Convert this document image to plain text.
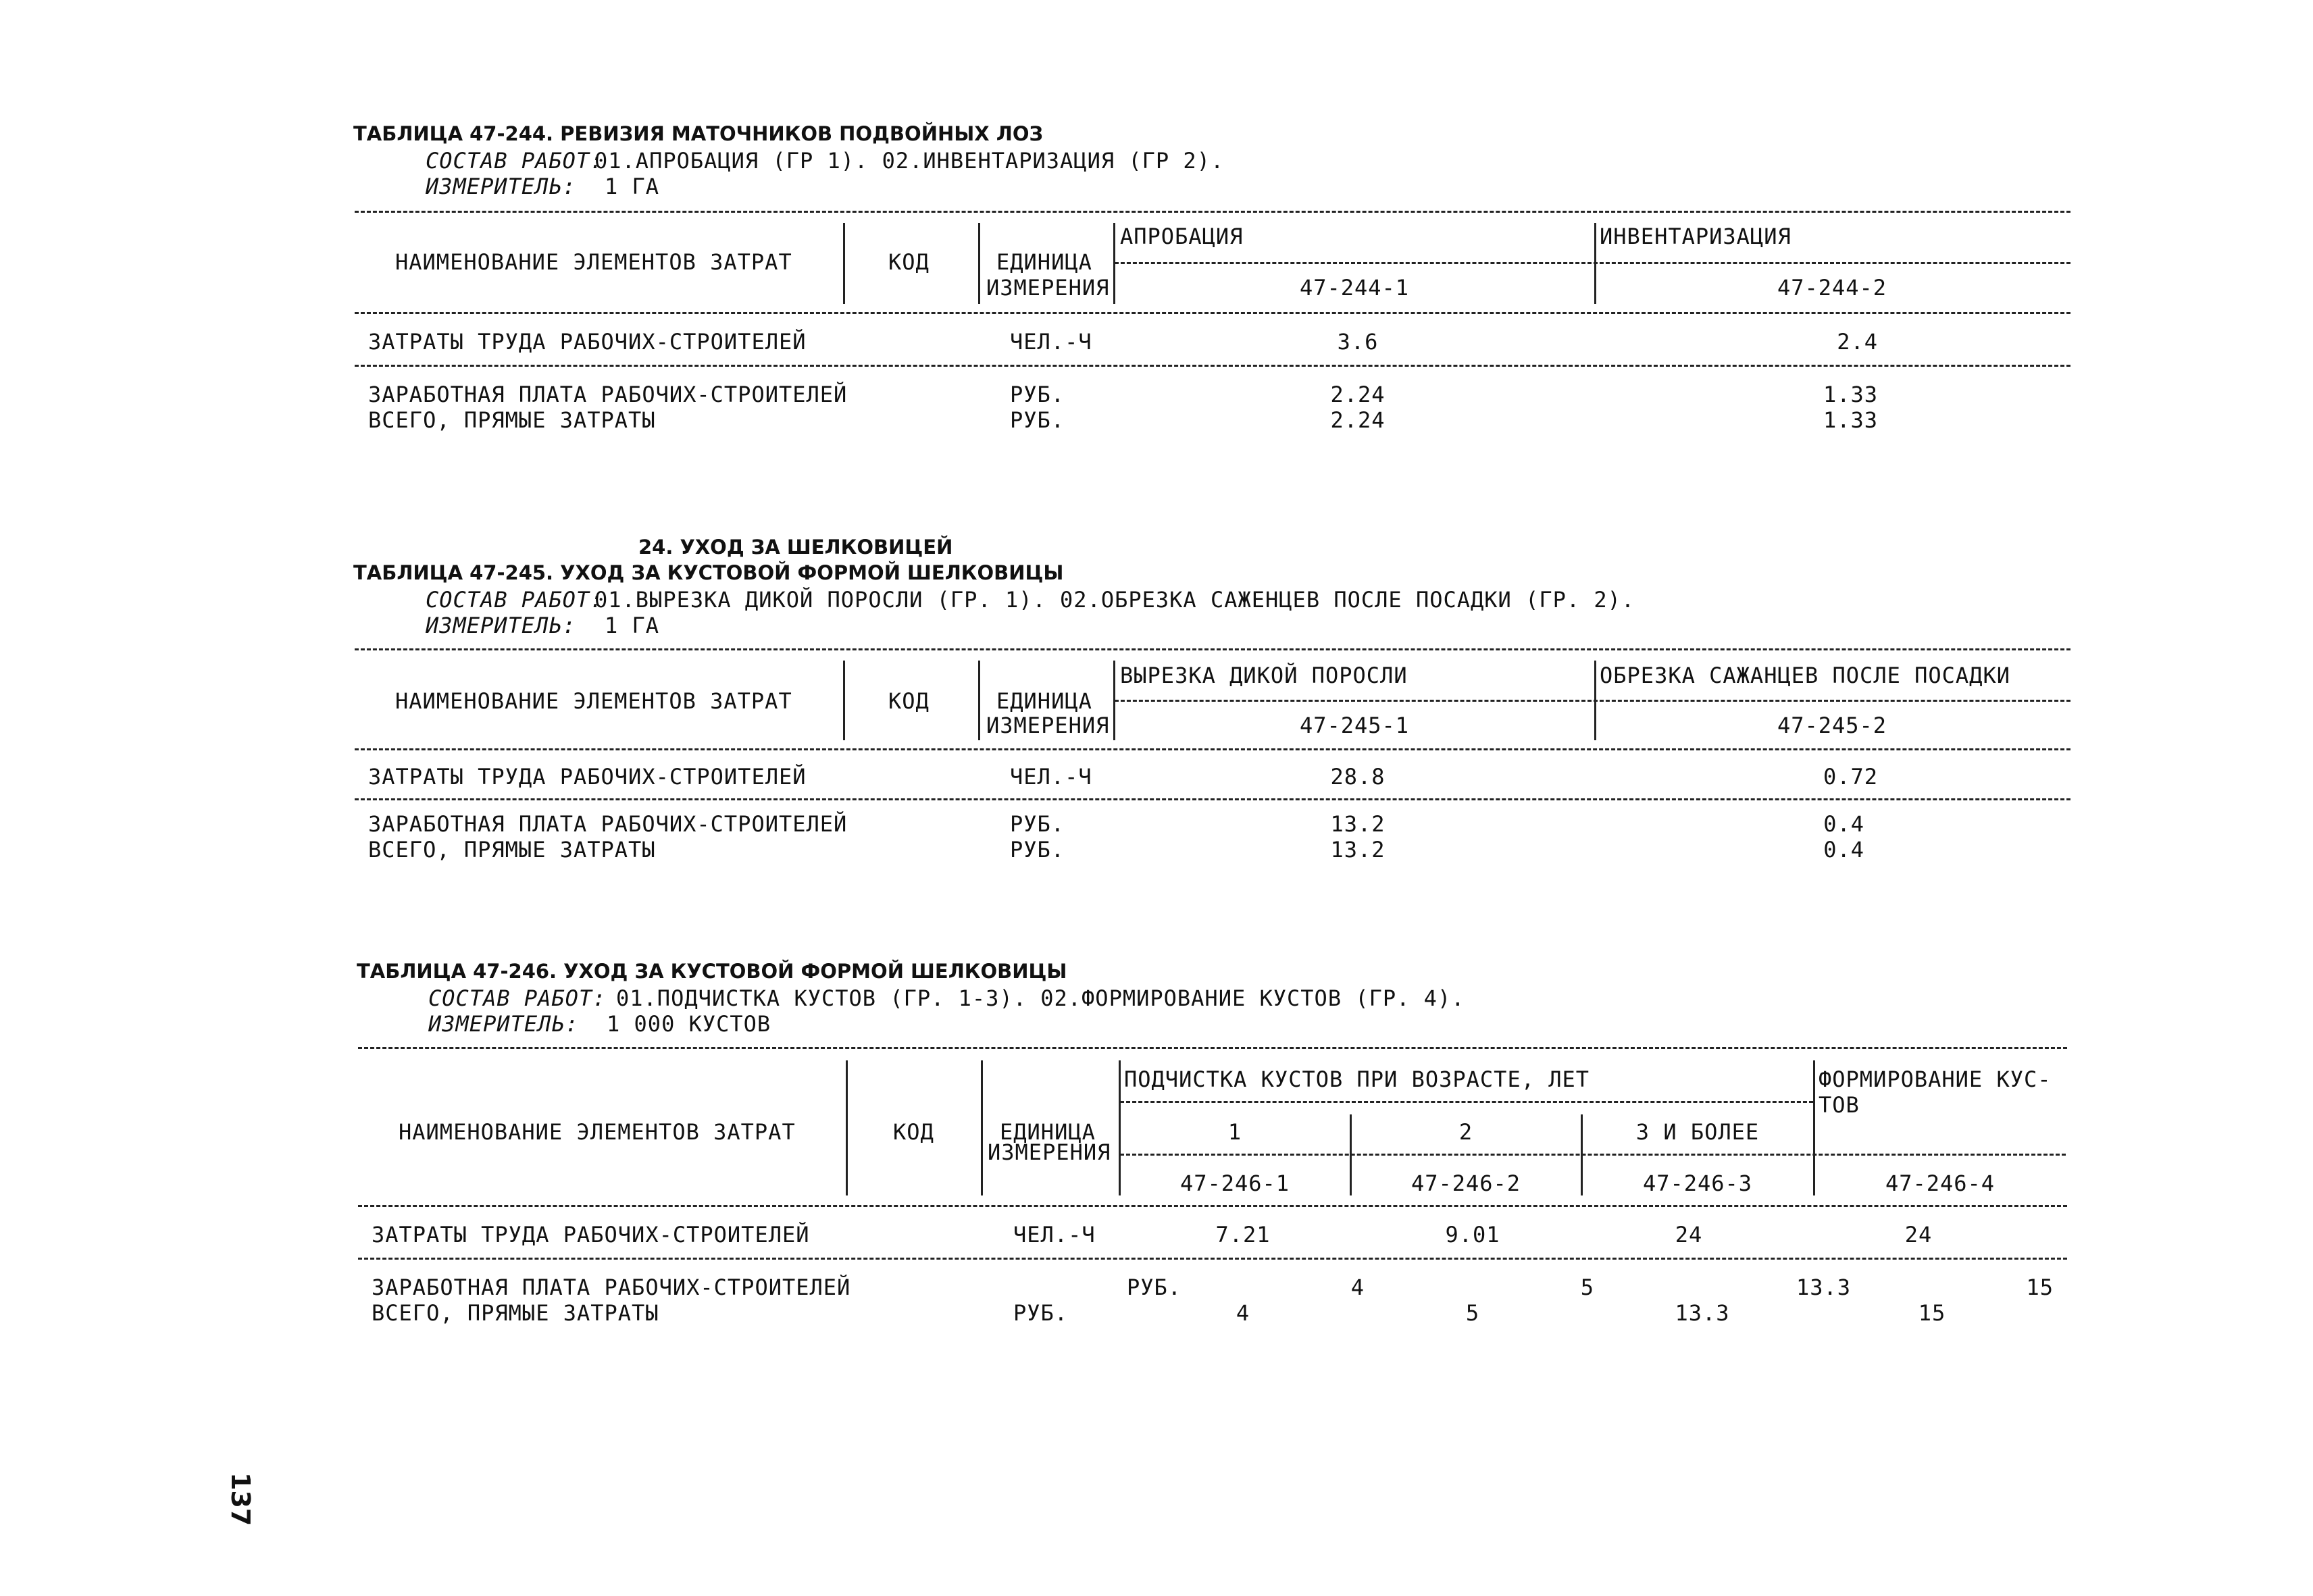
ТАБЛИЦА 47-244. РЕВИЗИЯ МАТОЧНИКОВ ПОДВОЙНЫХ ЛОЗ
СОСТАВ РАБОТ:
01.АПРОБАЦИЯ (ГР 1). 02.ИНВЕНТАРИЗАЦИЯ (ГР 2).
ИЗМЕРИТЕЛЬ: 1 ГА
НАИМЕНОВАНИЕ ЭЛЕМЕНТОВ ЗАТРАТ	КОД	ЕДИНИЦА
ИЗМЕРЕНИЯ
АПРОБАЦИЯ	ИНВЕНТАРИЗАЦИЯ
47-244-1	47-244-2
ЗАТРАТЫ ТРУДА РАБОЧИХ-СТРОИТЕЛЕЙ	ЧЕЛ.-Ч	3.6	2.4
ЗАРАБОТНАЯ ПЛАТА РАБОЧИХ-СТРОИТЕЛЕЙ	РУБ.	2.24	1.33
ВСЕГО, ПРЯМЫЕ ЗАТРАТЫ	РУБ.	2.24	1.33
24. УХОД ЗА ШЕЛКОВИЦЕЙ
ТАБЛИЦА 47-245. УХОД ЗА КУСТОВОЙ ФОРМОЙ ШЕЛКОВИЦЫ
СОСТАВ РАБОТ:
01.ВЫРЕЗКА ДИКОЙ ПОРОСЛИ (ГР. 1). 02.ОБРЕЗКА САЖЕНЦЕВ ПОСЛЕ ПОСАДКИ (ГР. 2).
ИЗМЕРИТЕЛЬ: 1 ГА
НАИМЕНОВАНИЕ ЭЛЕМЕНТОВ ЗАТРАТ	КОД	ЕДИНИЦА
ИЗМЕРЕНИЯ
ВЫРЕЗКА ДИКОЙ ПОРОСЛИ	ОБРЕЗКА САЖАНЦЕВ ПОСЛЕ ПОСАДКИ
47-245-1	47-245-2
ЗАТРАТЫ ТРУДА РАБОЧИХ-СТРОИТЕЛЕЙ	ЧЕЛ.-Ч	28.8	0.72
ЗАРАБОТНАЯ ПЛАТА РАБОЧИХ-СТРОИТЕЛЕЙ	РУБ.	13.2	0.4
ВСЕГО, ПРЯМЫЕ ЗАТРАТЫ	РУБ.	13.2	0.4
ТАБЛИЦА 47-246. УХОД ЗА КУСТОВОЙ ФОРМОЙ ШЕЛКОВИЦЫ
СОСТАВ РАБОТ: 01.ПОДЧИСТКА КУСТОВ (ГР. 1-3). 02.ФОРМИРОВАНИЕ КУСТОВ (ГР. 4).
ИЗМЕРИТЕЛЬ: 1 000 КУСТОВ
НАИМЕНОВАНИЕ ЭЛЕМЕНТОВ ЗАТРАТ	КОД	ЕДИНИЦА
ИЗМЕРЕНИЯ
ПОДЧИСТКА КУСТОВ ПРИ ВОЗРАСТЕ, ЛЕТ	ФОРМИРОВАНИЕ КУС-
ТОВ
1	2	3 И БОЛЕЕ
47-246-1	47-246-2	47-246-3	47-246-4
ЗАТРАТЫ ТРУДА РАБОЧИХ-СТРОИТЕЛЕЙ	ЧЕЛ.-Ч	7.21	9.01	24	24
ЗАРАБОТНАЯ ПЛАТА РАБОЧИХ-СТРОИТЕЛЕЙ	РУБ.	4	5	13.3	15
ВСЕГО, ПРЯМЫЕ ЗАТРАТЫ	РУБ.	4	5	13.3	15
137
